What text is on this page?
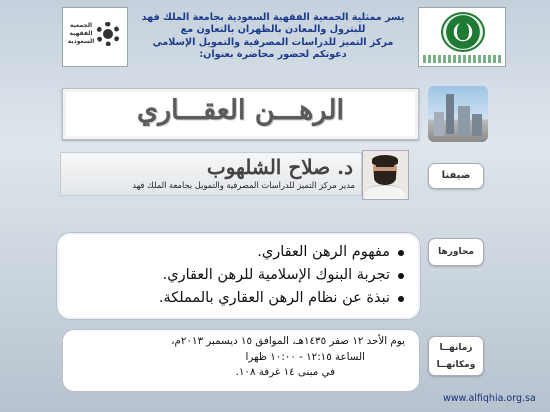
الجمعية الفقهية السعودية
يسر ممثلية الجمعية الفقهية السعودية بجامعة الملك فهد
للبترول والمعادن بالظهران بالتعاون مع
مركز التميز للدراسات المصرفية والتمويل الإسلامي
دعوتكم لحضور محاضرة بعنوان:
الرهـــن العقـــاري
ضيفنا
د. صلاح الشلهوب
مدير مركز التميز للدراسات المصرفية والتمويل بجامعة الملك فهد
محاورها
مفهوم الرهن العقاري.
تجربة البنوك الإسلامية للرهن العقاري.
نبذة عن نظام الرهن العقاري بالمملكة.
زمانهــا ومكانهــا
يوم الأحد ١٢ صفر ١٤٣٥هـ، الموافق ١٥ ديسمبر ٢٠١٣م،
الساعة ١٢:١٥ - ١٠:٠٠ ظهرا
في مبنى ١٤ غرفة ١٠٨.
www.alfiqhia.org.sa
